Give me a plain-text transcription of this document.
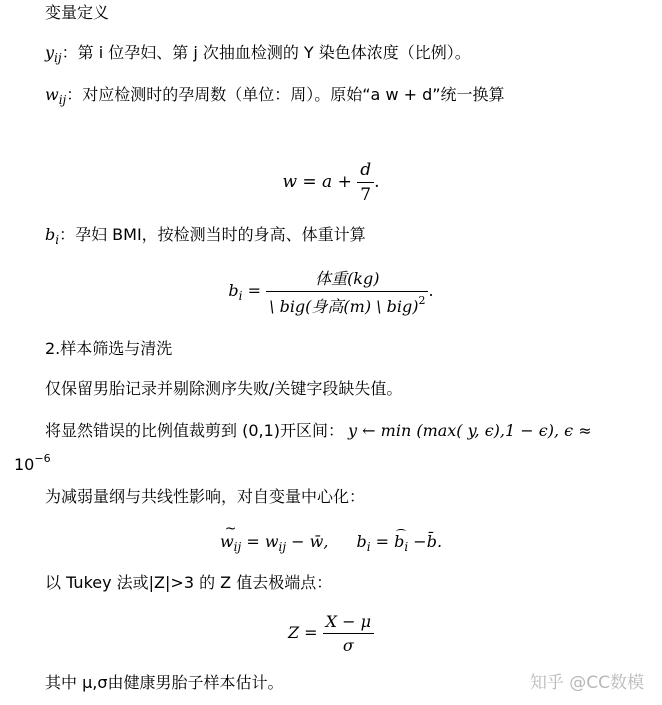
变量定义
$y_{ij}$：第 i 位孕妇、第 j 次抽血检测的 Y 染色体浓度（比例）。
$w_{ij}$：对应检测时的孕周数（单位：周）。原始“a w + d”统一换算
$w = a + \frac{d}{7}$ .
$b_i$：孕妇 BMI，按检测当时的身高、体重计算
$b_i = \frac{\text{体重(kg)}}{\backslash big(身高(m) \backslash big)^2}$ .
2.样本筛选与清洗
仅保留男胎记录并剔除测序失败/关键字段缺失值。
将显然错误的比例值裁剪到 (0,1)开区间： y ← min (max( y, ϵ),1 − ϵ), ϵ ≈
$10^{-6}$
为减弱量纲与共线性影响，对自变量中心化：
~ $w_{ij} = w_{ij}$ − w̄, $b_i = b_i$ −b̄.
以 Tukey 法或|Z|>3 的 Z 值去极端点：
$Z = \frac{X - \mu}{\sigma}$
其中 μ,σ由健康男胎子样本估计。	知乎 @CC数模
